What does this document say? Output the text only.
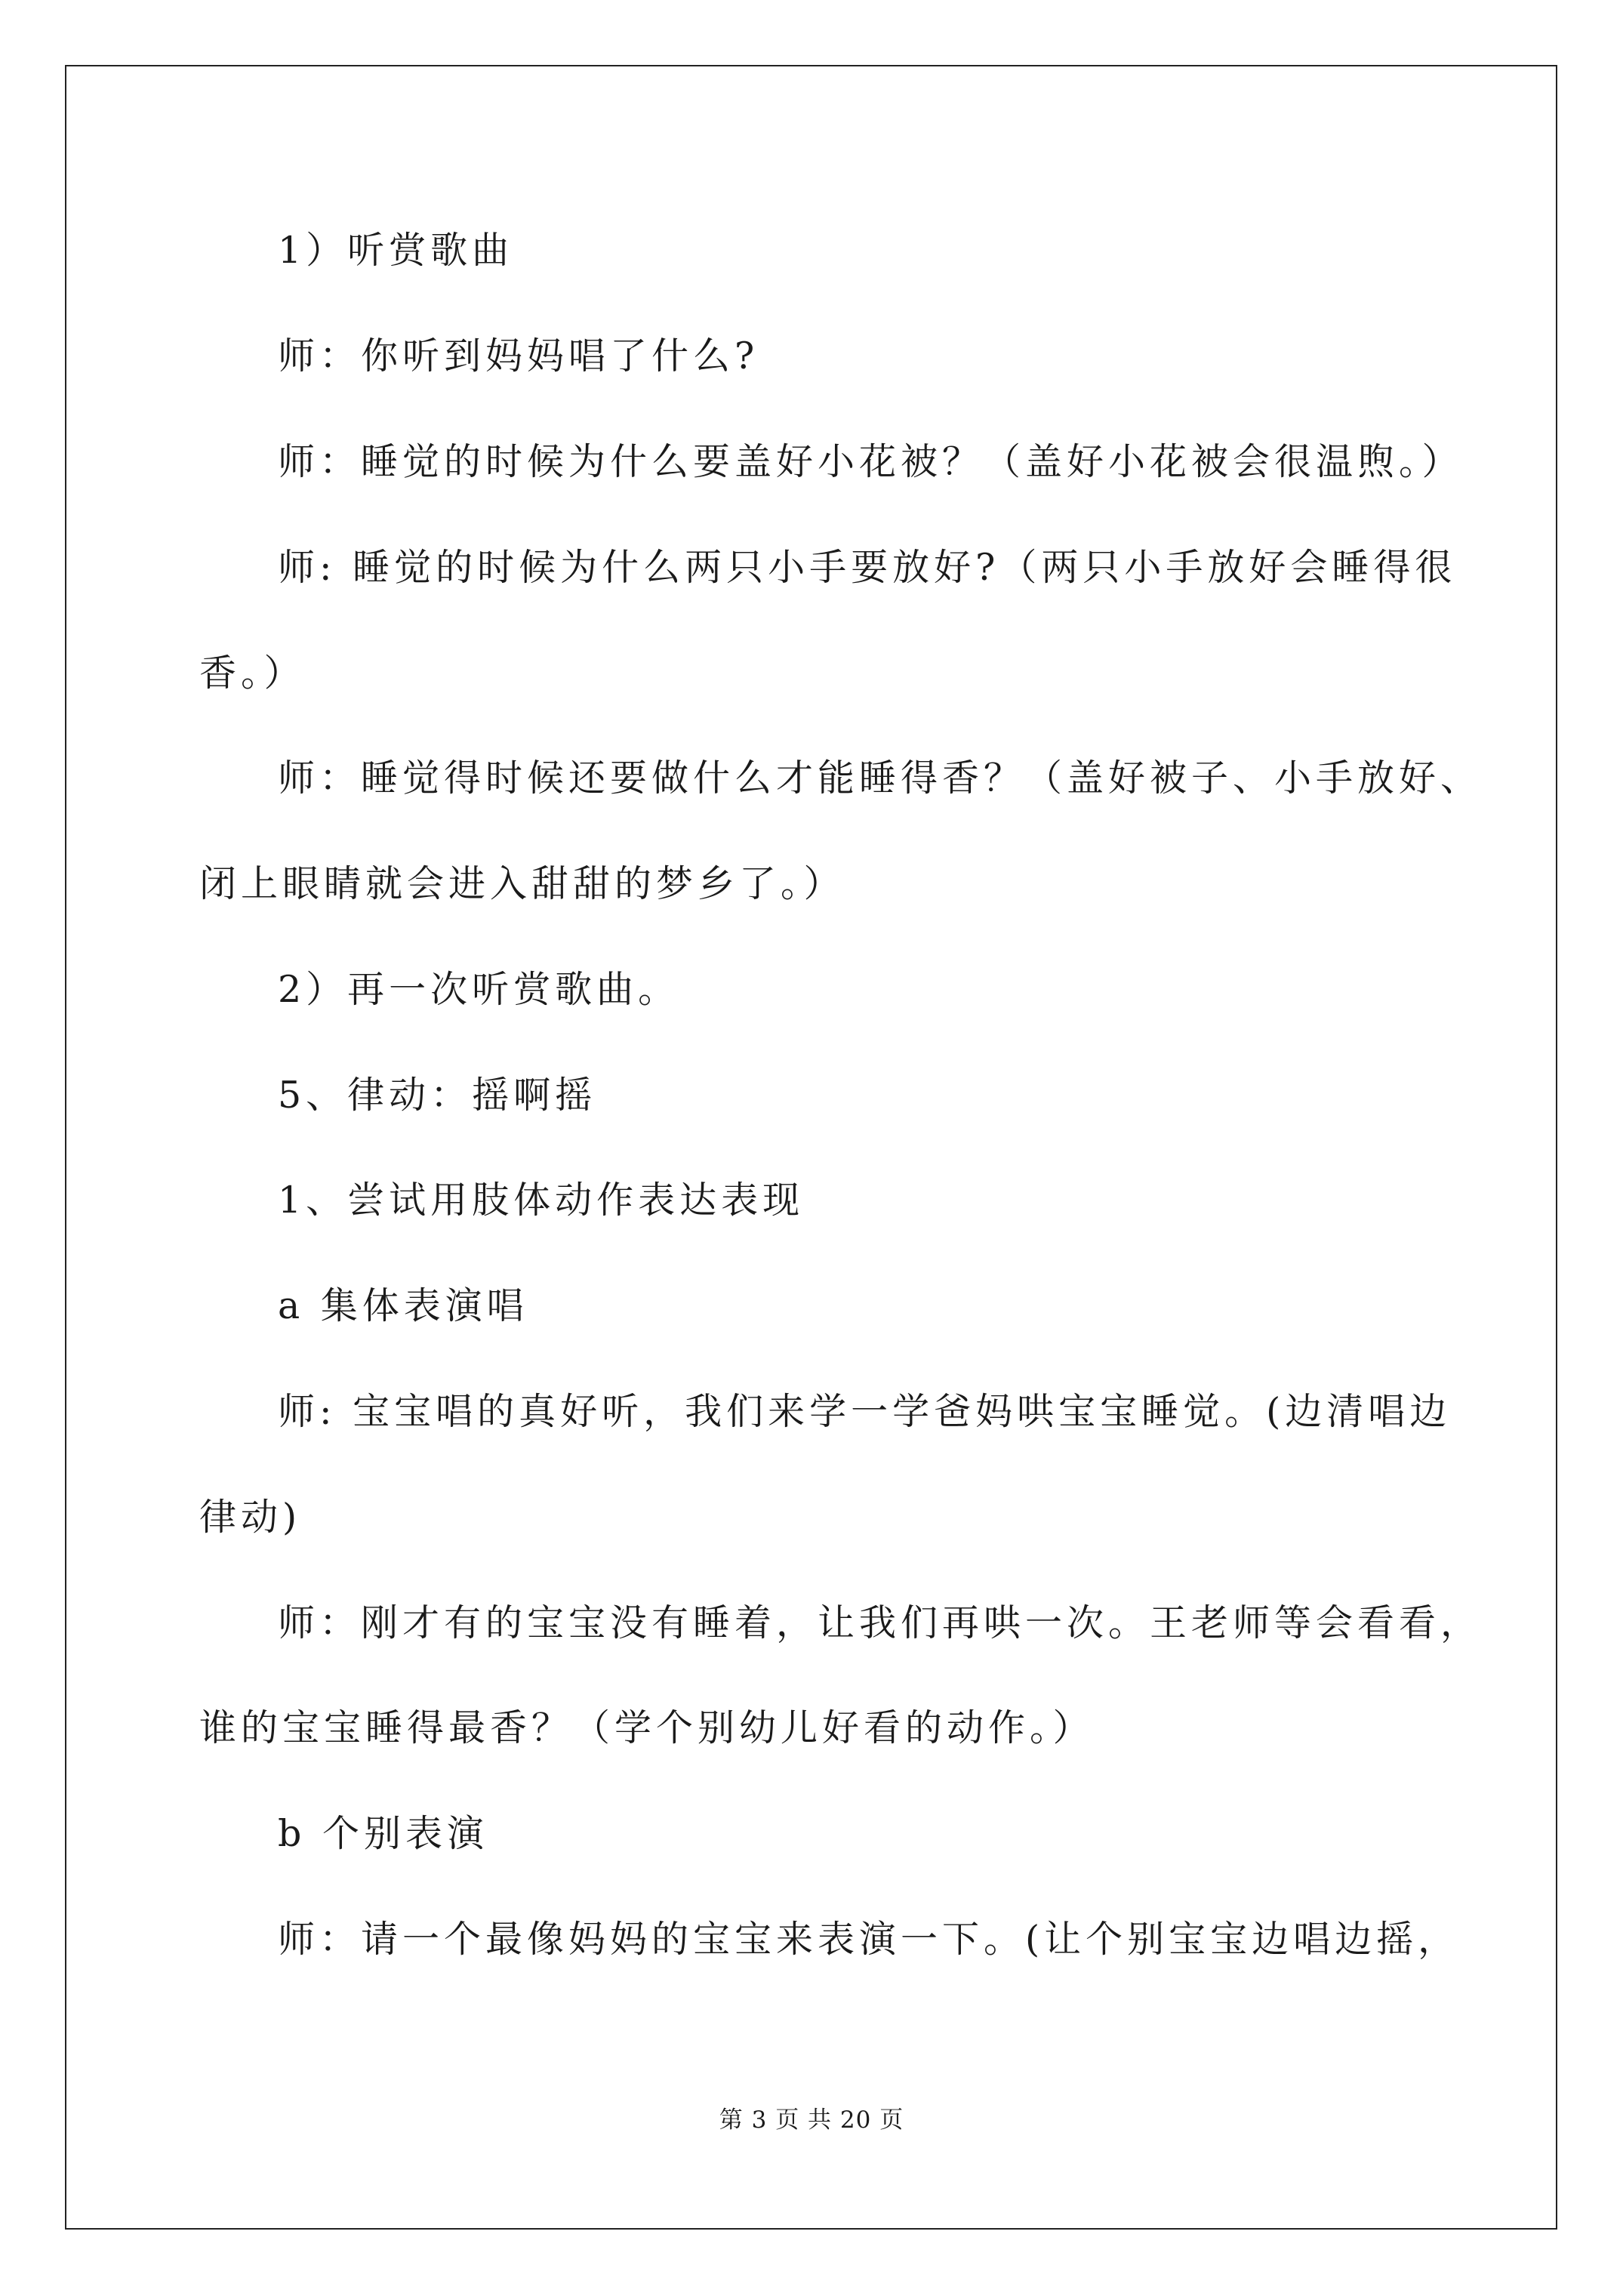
1）听赏歌曲
师：你听到妈妈唱了什么?
师：睡觉的时候为什么要盖好小花被？（盖好小花被会很温煦。）
师: 睡觉的时候为什么两只小手要放好?（两只小手放好会睡得很
香。）
师：睡觉得时候还要做什么才能睡得香？（盖好被子、小手放好、
闭上眼睛就会进入甜甜的梦乡了。）
2）再一次听赏歌曲。
5、律动：摇啊摇
1、尝试用肢体动作表达表现
a 集体表演唱
师: 宝宝唱的真好听，我们来学一学爸妈哄宝宝睡觉。(边清唱边
律动)
师：刚才有的宝宝没有睡着，让我们再哄一次。王老师等会看看，
谁的宝宝睡得最香？（学个别幼儿好看的动作。）
b 个别表演
师：请一个最像妈妈的宝宝来表演一下。(让个别宝宝边唱边摇，
第 3 页 共 20 页
